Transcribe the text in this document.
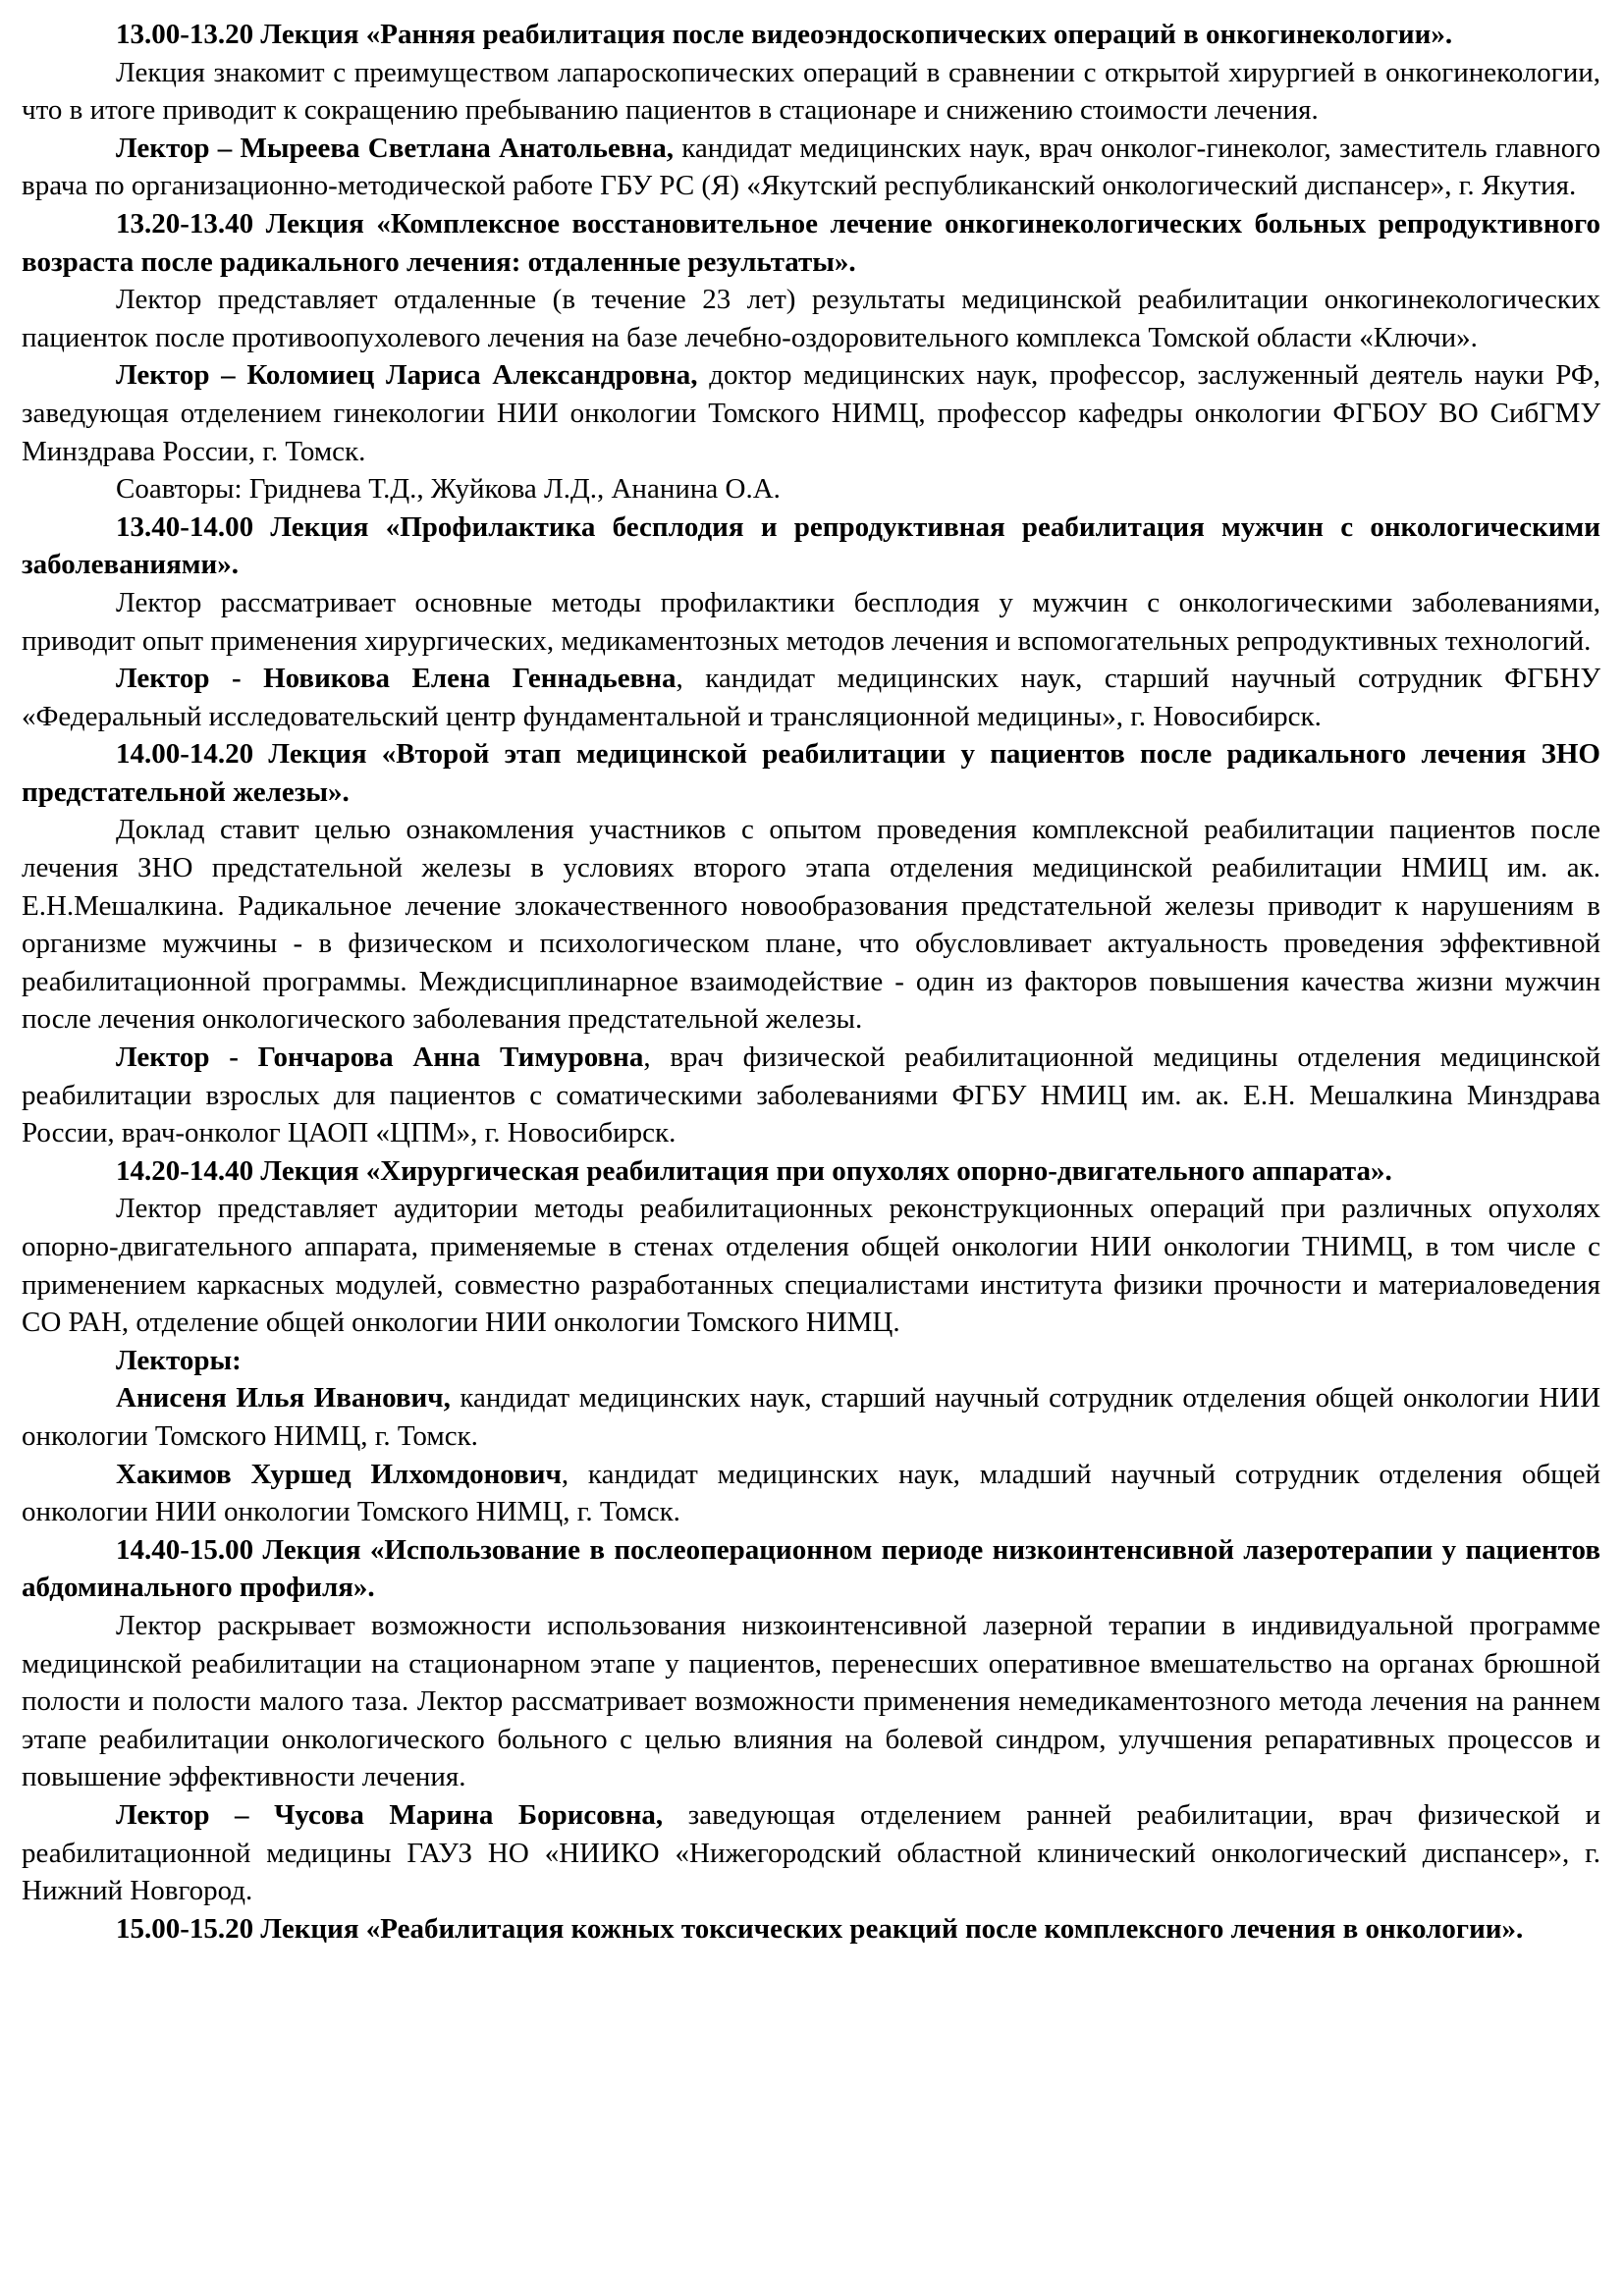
13.00-13.20 Лекция «Ранняя реабилитация после видеоэндоскопических операций в онкогинекологии».

Лекция знакомит с преимуществом лапароскопических операций в сравнении с открытой хирургией в онкогинекологии, что в итоге приводит к сокращению пребыванию пациентов в стационаре и снижению стоимости лечения.

Лектор – Мыреева Светлана Анатольевна, кандидат медицинских наук, врач онколог-гинеколог, заместитель главного врача по организационно-методической работе ГБУ РС (Я) «Якутский республиканский онкологический диспансер», г. Якутия.

13.20-13.40 Лекция «Комплексное восстановительное лечение онкогинекологических больных репродуктивного возраста после радикального лечения: отдаленные результаты».

Лектор представляет отдаленные (в течение 23 лет) результаты медицинской реабилитации онкогинекологических пациенток после противоопухолевого лечения на базе лечебно-оздоровительного комплекса Томской области «Ключи».

Лектор – Коломиец Лариса Александровна, доктор медицинских наук, профессор, заслуженный деятель науки РФ, заведующая отделением гинекологии НИИ онкологии Томского НИМЦ, профессор кафедры онкологии ФГБОУ ВО СибГМУ Минздрава России, г. Томск.

Соавторы: Гриднева Т.Д., Жуйкова Л.Д., Ананина О.А.

13.40-14.00 Лекция «Профилактика бесплодия и репродуктивная реабилитация мужчин с онкологическими заболеваниями».

Лектор рассматривает основные методы профилактики бесплодия у мужчин с онкологическими заболеваниями, приводит опыт применения хирургических, медикаментозных методов лечения и вспомогательных репродуктивных технологий.

Лектор - Новикова Елена Геннадьевна, кандидат медицинских наук, старший научный сотрудник ФГБНУ «Федеральный исследовательский центр фундаментальной и трансляционной медицины», г. Новосибирск.

14.00-14.20 Лекция «Второй этап медицинской реабилитации у пациентов после радикального лечения ЗНО предстательной железы».

Доклад ставит целью ознакомления участников с опытом проведения комплексной реабилитации пациентов после лечения ЗНО предстательной железы в условиях второго этапа отделения медицинской реабилитации НМИЦ им. ак. Е.Н.Мешалкина. Радикальное лечение злокачественного новообразования предстательной железы приводит к нарушениям в организме мужчины - в физическом и психологическом плане, что обусловливает актуальность проведения эффективной реабилитационной программы. Междисциплинарное взаимодействие - один из факторов повышения качества жизни мужчин после лечения онкологического заболевания предстательной железы.

Лектор - Гончарова Анна Тимуровна, врач физической реабилитационной медицины отделения медицинской реабилитации взрослых для пациентов с соматическими заболеваниями ФГБУ НМИЦ им. ак. Е.Н. Мешалкина Минздрава России, врач-онколог ЦАОП «ЦПМ», г. Новосибирск.

14.20-14.40 Лекция «Хирургическая реабилитация при опухолях опорно-двигательного аппарата».

Лектор представляет аудитории методы реабилитационных реконструкционных операций при различных опухолях опорно-двигательного аппарата, применяемые в стенах отделения общей онкологии НИИ онкологии ТНИМЦ, в том числе с применением каркасных модулей, совместно разработанных специалистами института физики прочности и материаловедения СО РАН, отделение общей онкологии НИИ онкологии Томского НИМЦ.

Лекторы:

Анисеня Илья Иванович, кандидат медицинских наук, старший научный сотрудник отделения общей онкологии НИИ онкологии Томского НИМЦ, г. Томск.

Хакимов Хуршед Илхомдонович, кандидат медицинских наук, младший научный сотрудник отделения общей онкологии НИИ онкологии Томского НИМЦ, г. Томск.

14.40-15.00 Лекция «Использование в послеоперационном периоде низкоинтенсивной лазеротерапии у пациентов абдоминального профиля».

Лектор раскрывает возможности использования низкоинтенсивной лазерной терапии в индивидуальной программе медицинской реабилитации на стационарном этапе у пациентов, перенесших оперативное вмешательство на органах брюшной полости и полости малого таза. Лектор рассматривает возможности применения немедикаментозного метода лечения на раннем этапе реабилитации онкологического больного с целью влияния на болевой синдром, улучшения репаративных процессов и повышение эффективности лечения.

Лектор – Чусова Марина Борисовна, заведующая отделением ранней реабилитации, врач физической и реабилитационной медицины ГАУЗ НО «НИИКО «Нижегородский областной клинический онкологический диспансер», г. Нижний Новгород.

15.00-15.20 Лекция «Реабилитация кожных токсических реакций после комплексного лечения в онкологии».
